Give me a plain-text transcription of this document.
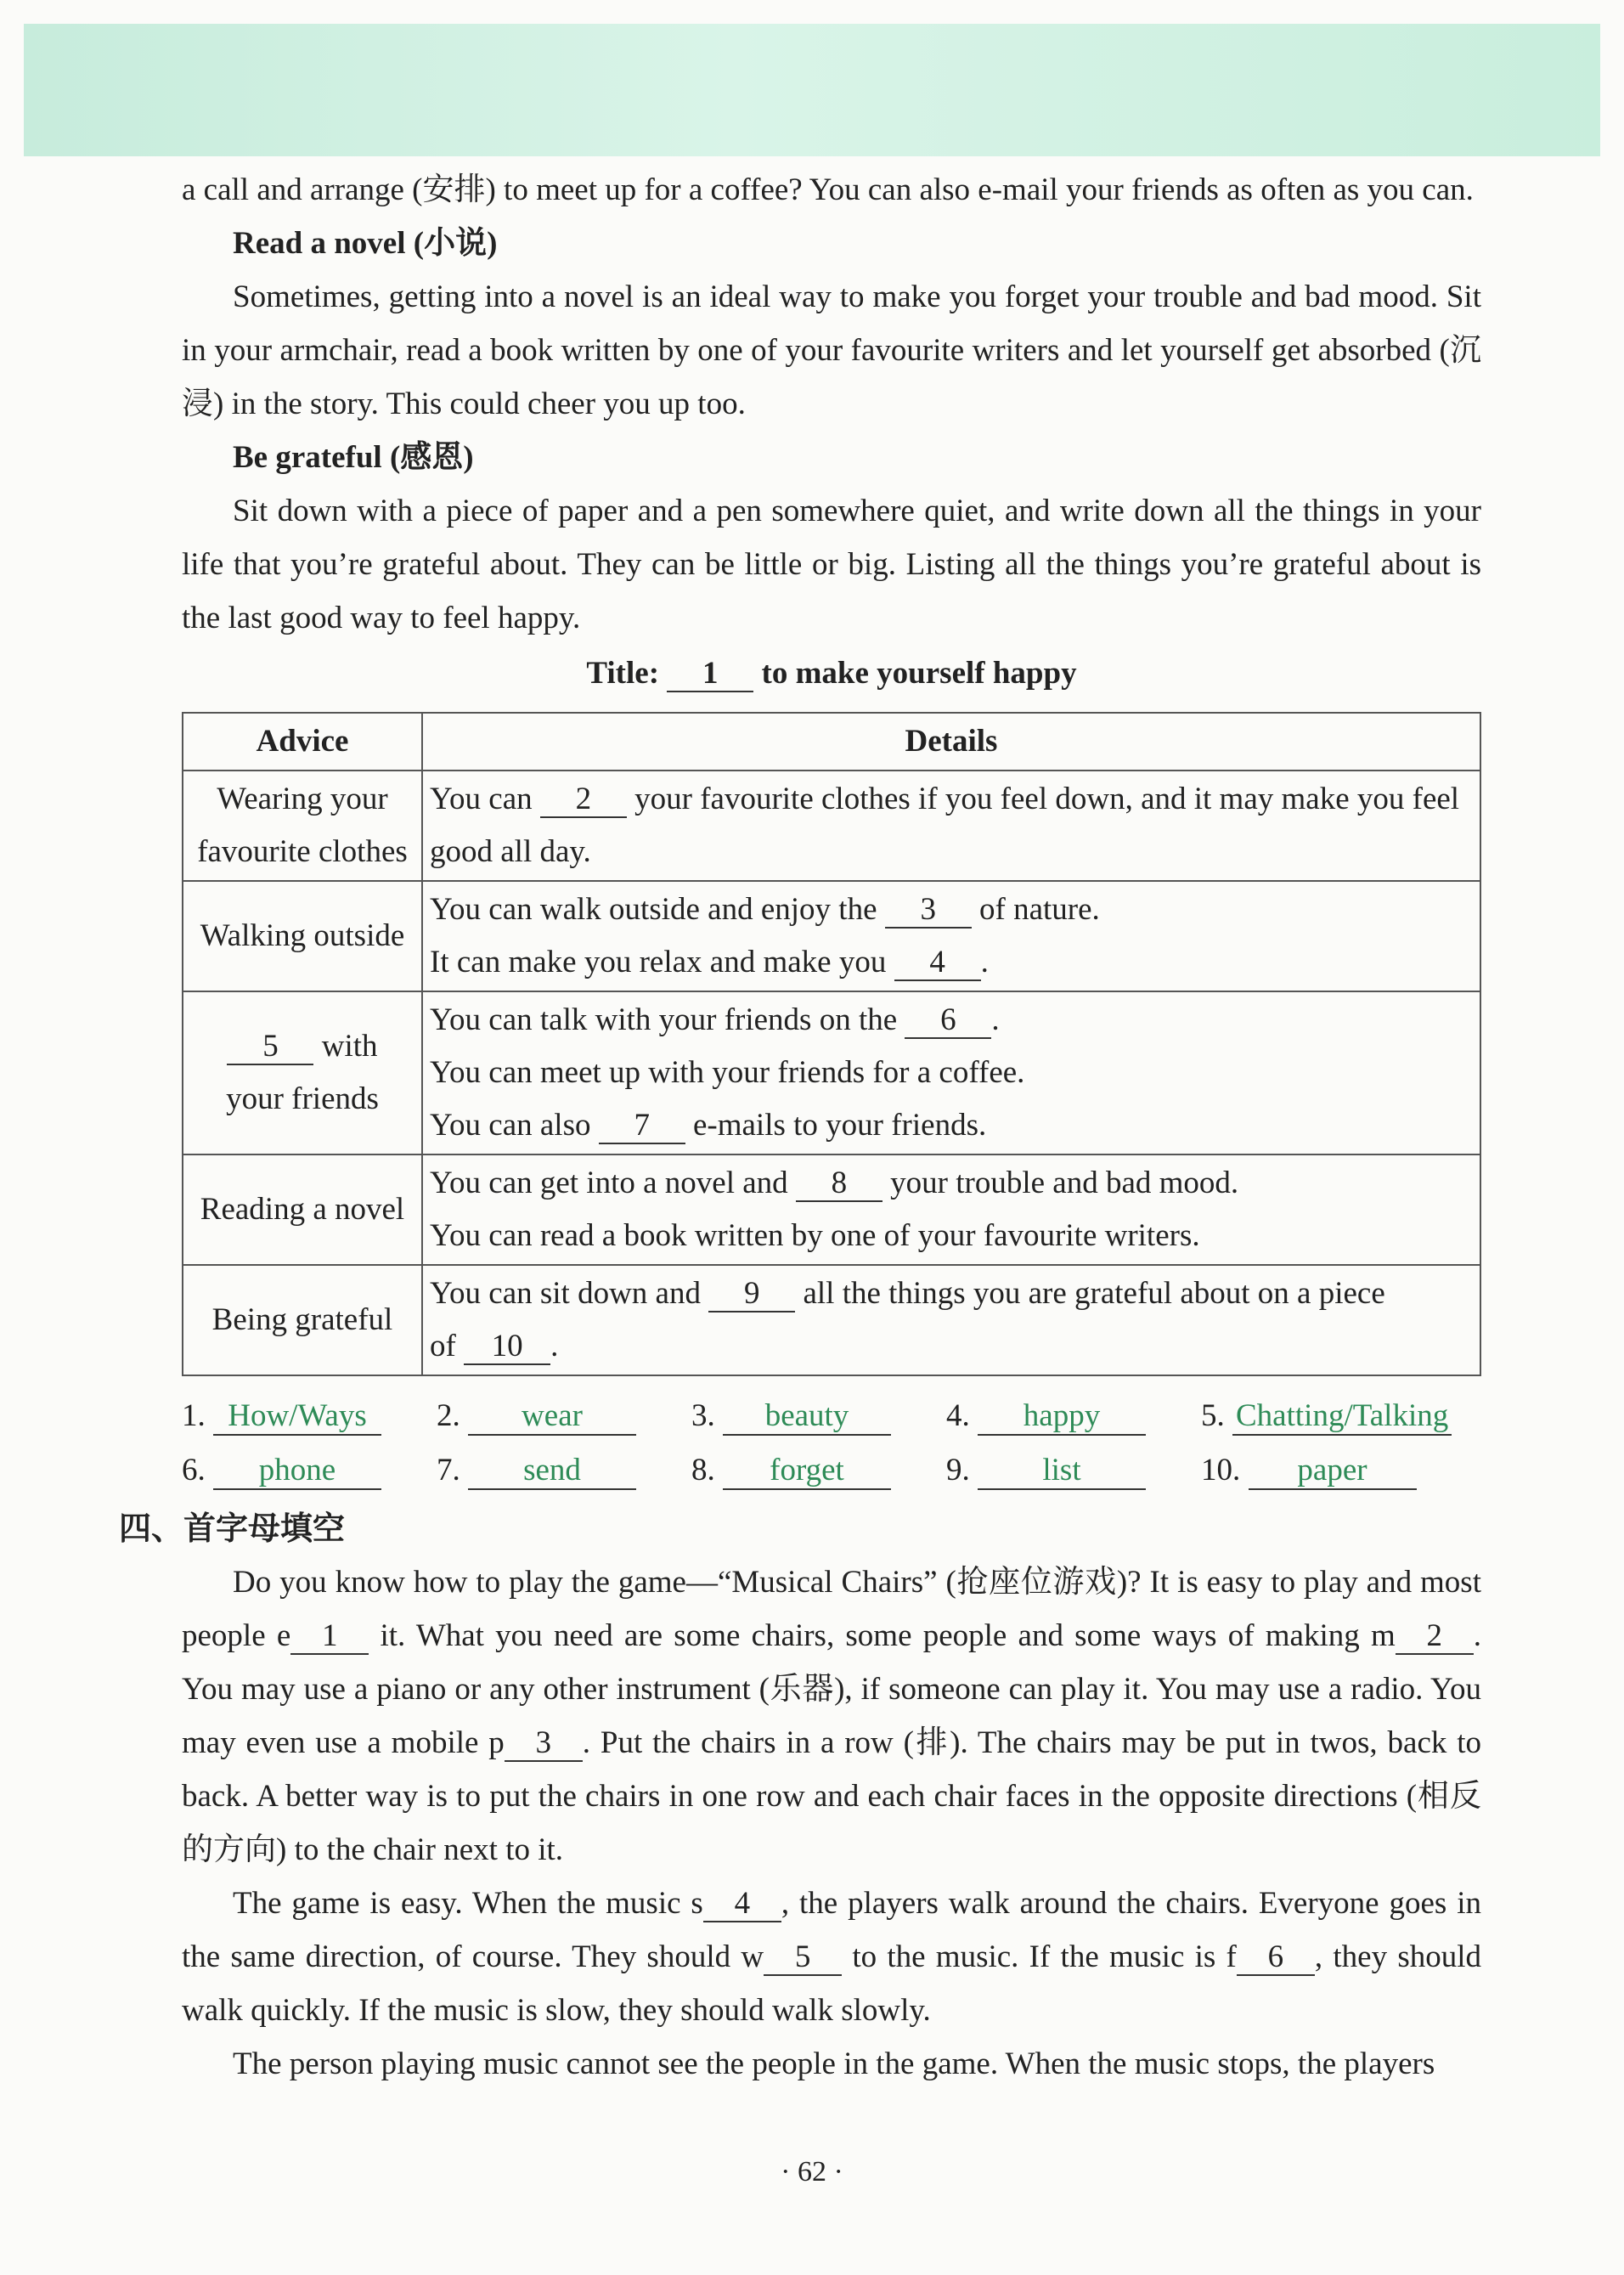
a call and arrange (安排) to meet up for a coffee? You can also e-mail your friends as often as you can.

Read a novel (小说)

Sometimes, getting into a novel is an ideal way to make you forget your trouble and bad mood. Sit in your armchair, read a book written by one of your favourite writers and let yourself get absorbed (沉浸) in the story. This could cheer you up too.

Be grateful (感恩)

Sit down with a piece of paper and a pen somewhere quiet, and write down all the things in your life that you’re grateful about. They can be little or big. Listing all the things you’re grateful about is the last good way to feel happy.

Title: 1 to make yourself happy

Advice	Details
Wearing your
favourite clothes	You can 2 your favourite clothes if you feel down, and it may make you feel good all day.
Walking outside	You can walk outside and enjoy the 3 of nature.
It can make you relax and make you 4 .
5 with
your friends	You can talk with your friends on the 6 .
You can meet up with your friends for a coffee.
You can also 7 e-mails to your friends.
Reading a novel	You can get into a novel and 8 your trouble and bad mood.
You can read a book written by one of your favourite writers.
Being grateful	You can sit down and 9 all the things you are grateful about on a piece
of 10 .
1. How/Ways	2. wear	3. beauty	4. happy	5. Chatting/Talking
6. phone	7. send	8. forget	9. list	10. paper

四、首字母填空

Do you know how to play the game—“Musical Chairs” (抢座位游戏)? It is easy to play and most people e 1 it. What you need are some chairs, some people and some ways of making m 2 . You may use a piano or any other instrument (乐器), if someone can play it. You may use a radio. You may even use a mobile p 3 . Put the chairs in a row (排). The chairs may be put in twos, back to back. A better way is to put the chairs in one row and each chair faces in the opposite directions (相反的方向) to the chair next to it.

The game is easy. When the music s 4 , the players walk around the chairs. Everyone goes in the same direction, of course. They should w 5 to the music. If the music is f 6 , they should walk quickly. If the music is slow, they should walk slowly.

The person playing music cannot see the people in the game. When the music stops, the players

· 62 ·
